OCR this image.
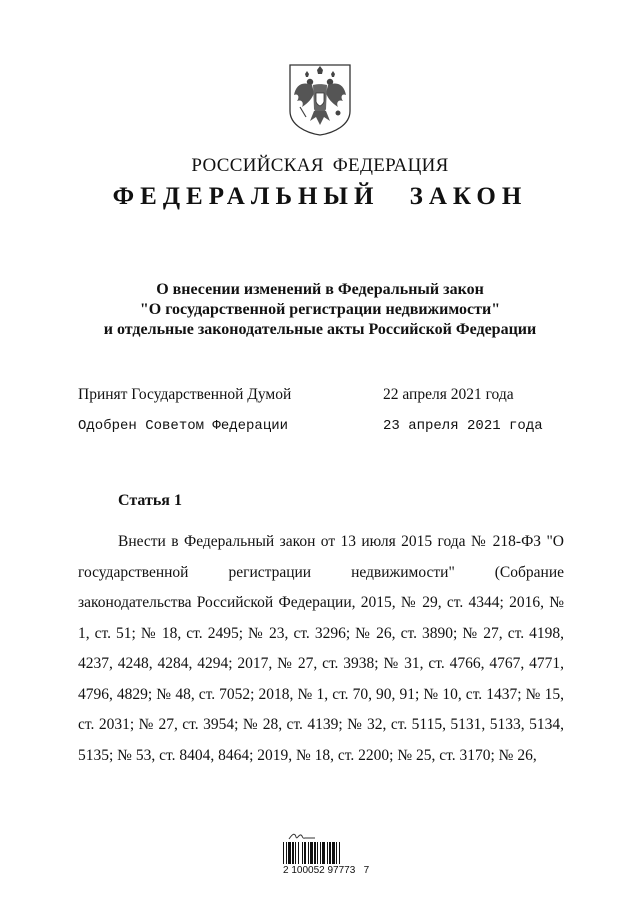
РОССИЙСКАЯ ФЕДЕРАЦИЯ
ФЕДЕРАЛЬНЫЙ ЗАКОН
О внесении изменений в Федеральный закон
"О государственной регистрации недвижимости"
и отдельные законодательные акты Российской Федерации
Принят Государственной Думой	22 апреля 2021 года
Одобрен Советом Федерации	23 апреля 2021 года
Статья 1

Внести в Федеральный закон от 13 июля 2015 года № 218-ФЗ "О государственной регистрации недвижимости" (Собрание законодательства Российской Федерации, 2015, № 29, ст. 4344; 2016, № 1, ст. 51; № 18, ст. 2495; № 23, ст. 3296; № 26, ст. 3890; № 27, ст. 4198, 4237, 4248, 4284, 4294; 2017, № 27, ст. 3938; № 31, ст. 4766, 4767, 4771, 4796, 4829; № 48, ст. 7052; 2018, № 1, ст. 70, 90, 91; № 10, ст. 1437; № 15, ст. 2031; № 27, ст. 3954; № 28, ст. 4139; № 32, ст. 5115, 5131, 5133, 5134, 5135; № 53, ст. 8404, 8464; 2019, № 18, ст. 2200; № 25, ст. 3170; № 26,

2 100052 97773   7
